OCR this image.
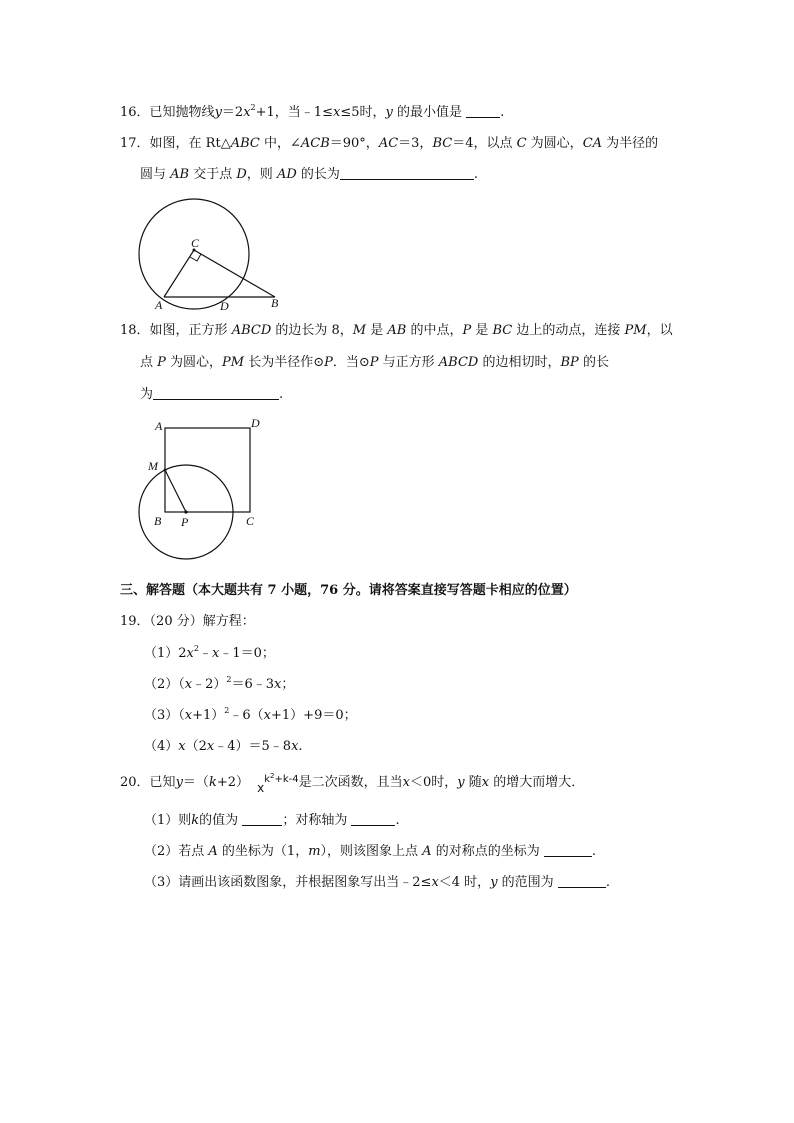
16．已知抛物线$y=2x^2+1$，当﹣1≤x≤5时，y 的最小值是	.
17．如图，在 Rt△ABC 中，∠ACB＝90°，AC＝3，BC＝4，以点 C 为圆心，CA 为半径的
圆与 AB 交于点 D，则 AD 的长为	.
C
A	D	B
18．如图，正方形 ABCD 的边长为 8，M 是 AB 的中点，P 是 BC 边上的动点，连接 PM，以
点 P 为圆心，PM 长为半径作⊙P．当⊙P 与正方形 ABCD 的边相切时，BP 的长
为	.
A	D
M
B P	C
三、解答题（本大题共有 7 小题，76 分。请将答案直接写答题卡相应的位置）
19．（20 分）解方程：
$(1)2x^2﹣x﹣1=0$；
（2）（x﹣2）$^2$＝6﹣3x；
$(3)(x+1)^2﹣6(x+1)+9=0$；
（4）x（2x﹣4）＝5﹣8x.
20．已知y＝（k+2） $xk^2+k-4$是二次函数，且当x＜0时，y 随x 的增大而增大．
（1）则k的值为	；对称轴为	.
（2）若点 A 的坐标为（1，m），则该图象上点 A 的对称点的坐标为	.
（3）请画出该函数图象，并根据图象写出当﹣2≤x＜4 时，y 的范围为	.
